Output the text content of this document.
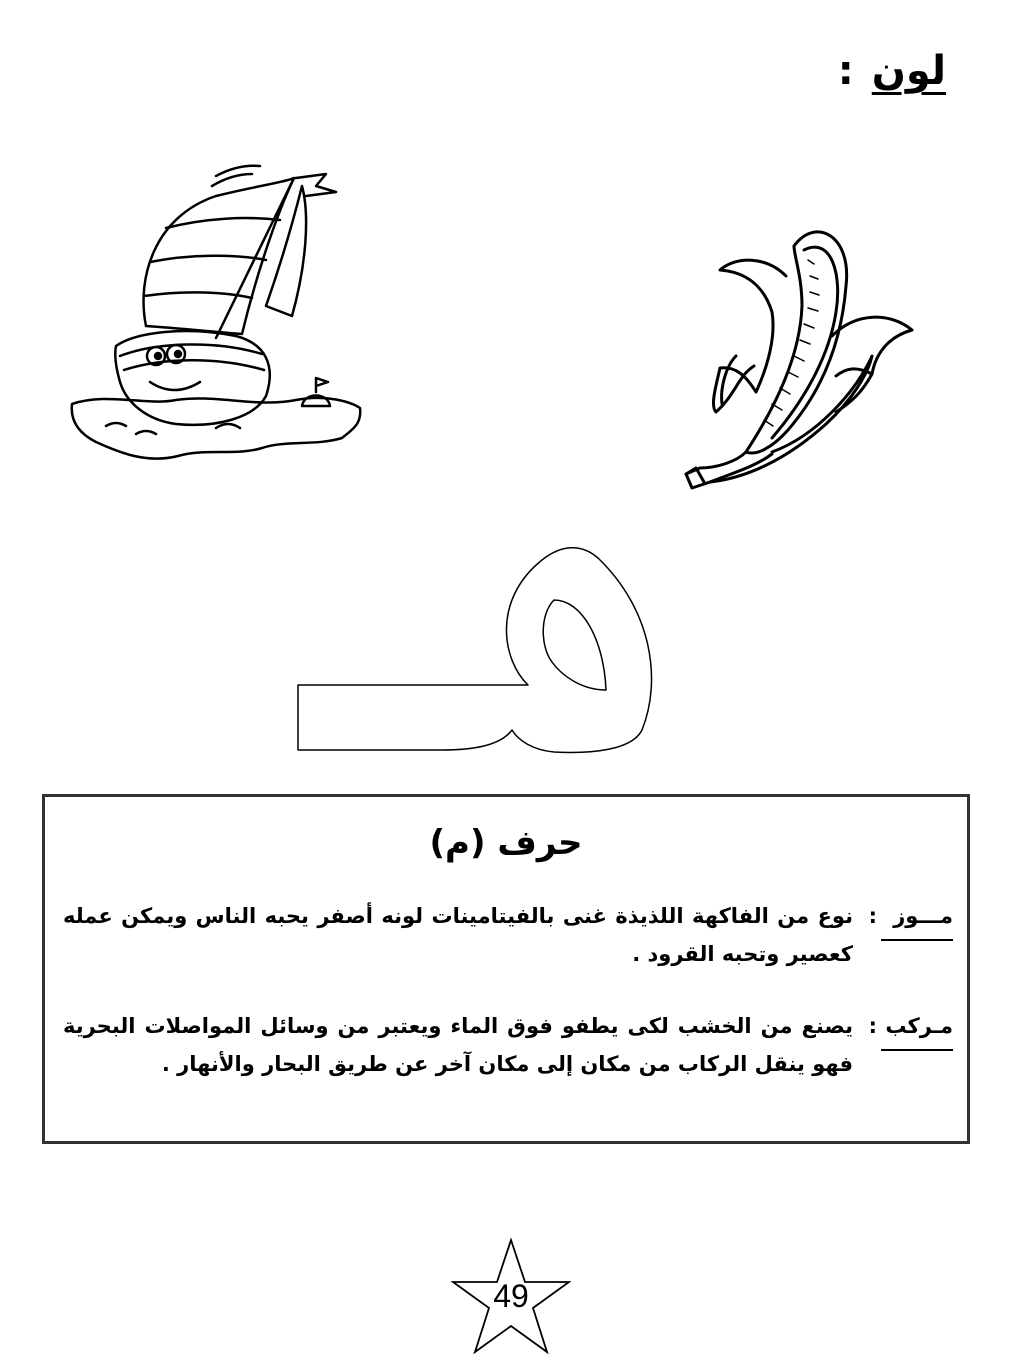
لون
:
حرف (م)
مـــوز
:
نوع من الفاكهة اللذيذة غنى بالفيتامينات لونه أصفر يحبه الناس ويمكن عمله كعصير وتحبه القرود .
مـركب
:
يصنع من الخشب لكى يطفو فوق الماء ويعتبر من وسائل المواصلات البحرية فهو ينقل الركاب من مكان إلى مكان آخر عن طريق البحار والأنهار .
49
